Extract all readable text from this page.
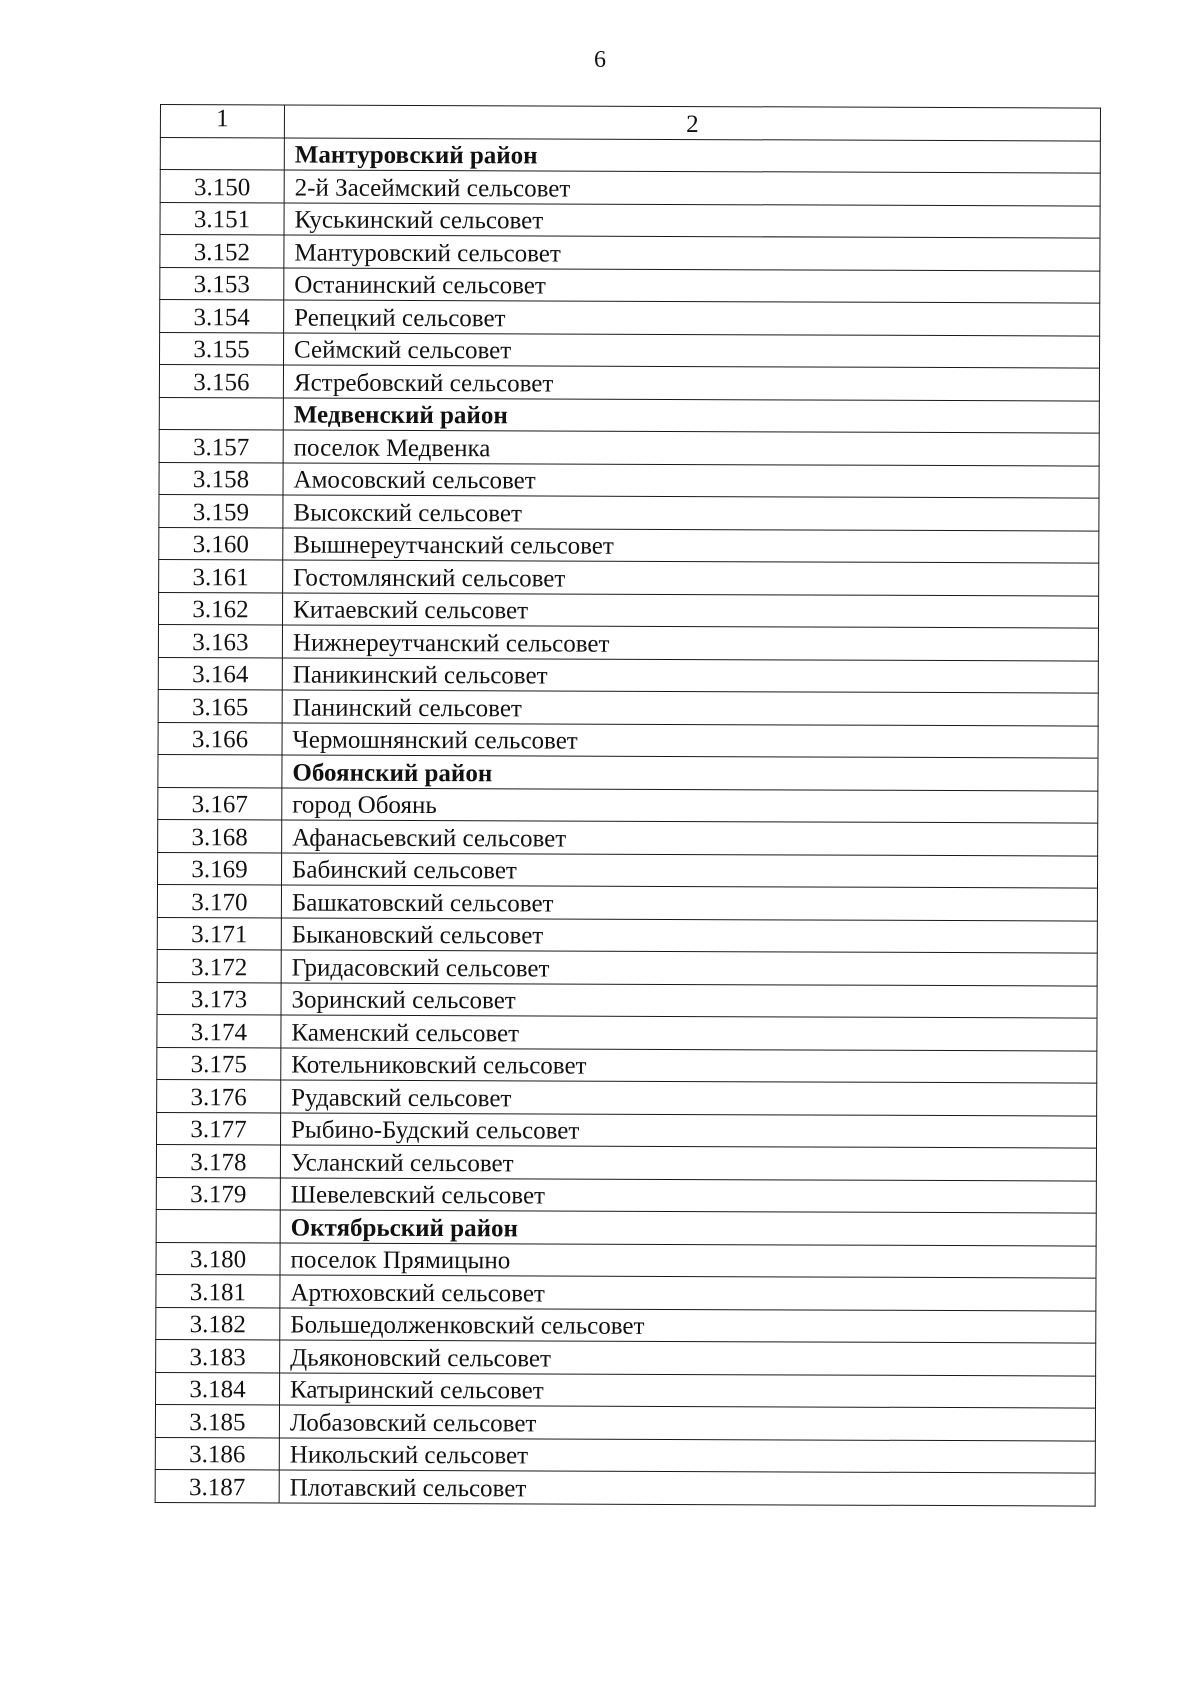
6
1	2
	Мантуровский район
3.150	2-й Засеймский сельсовет
3.151	Куськинский сельсовет
3.152	Мантуровский сельсовет
3.153	Останинский сельсовет
3.154	Репецкий сельсовет
3.155	Сеймский сельсовет
3.156	Ястребовский сельсовет
	Медвенский район
3.157	поселок Медвенка
3.158	Амосовский сельсовет
3.159	Высокский сельсовет
3.160	Вышнереутчанский сельсовет
3.161	Гостомлянский сельсовет
3.162	Китаевский сельсовет
3.163	Нижнереутчанский сельсовет
3.164	Паникинский сельсовет
3.165	Панинский сельсовет
3.166	Чермошнянский сельсовет
	Обоянский район
3.167	город Обоянь
3.168	Афанасьевский сельсовет
3.169	Бабинский сельсовет
3.170	Башкатовский сельсовет
3.171	Быкановский сельсовет
3.172	Гридасовский сельсовет
3.173	Зоринский сельсовет
3.174	Каменский сельсовет
3.175	Котельниковский сельсовет
3.176	Рудавский сельсовет
3.177	Рыбино-Будский сельсовет
3.178	Усланский сельсовет
3.179	Шевелевский сельсовет
	Октябрьский район
3.180	поселок Прямицыно
3.181	Артюховский сельсовет
3.182	Большедолженковский сельсовет
3.183	Дьяконовский сельсовет
3.184	Катыринский сельсовет
3.185	Лобазовский сельсовет
3.186	Никольский сельсовет
3.187	Плотавский сельсовет
